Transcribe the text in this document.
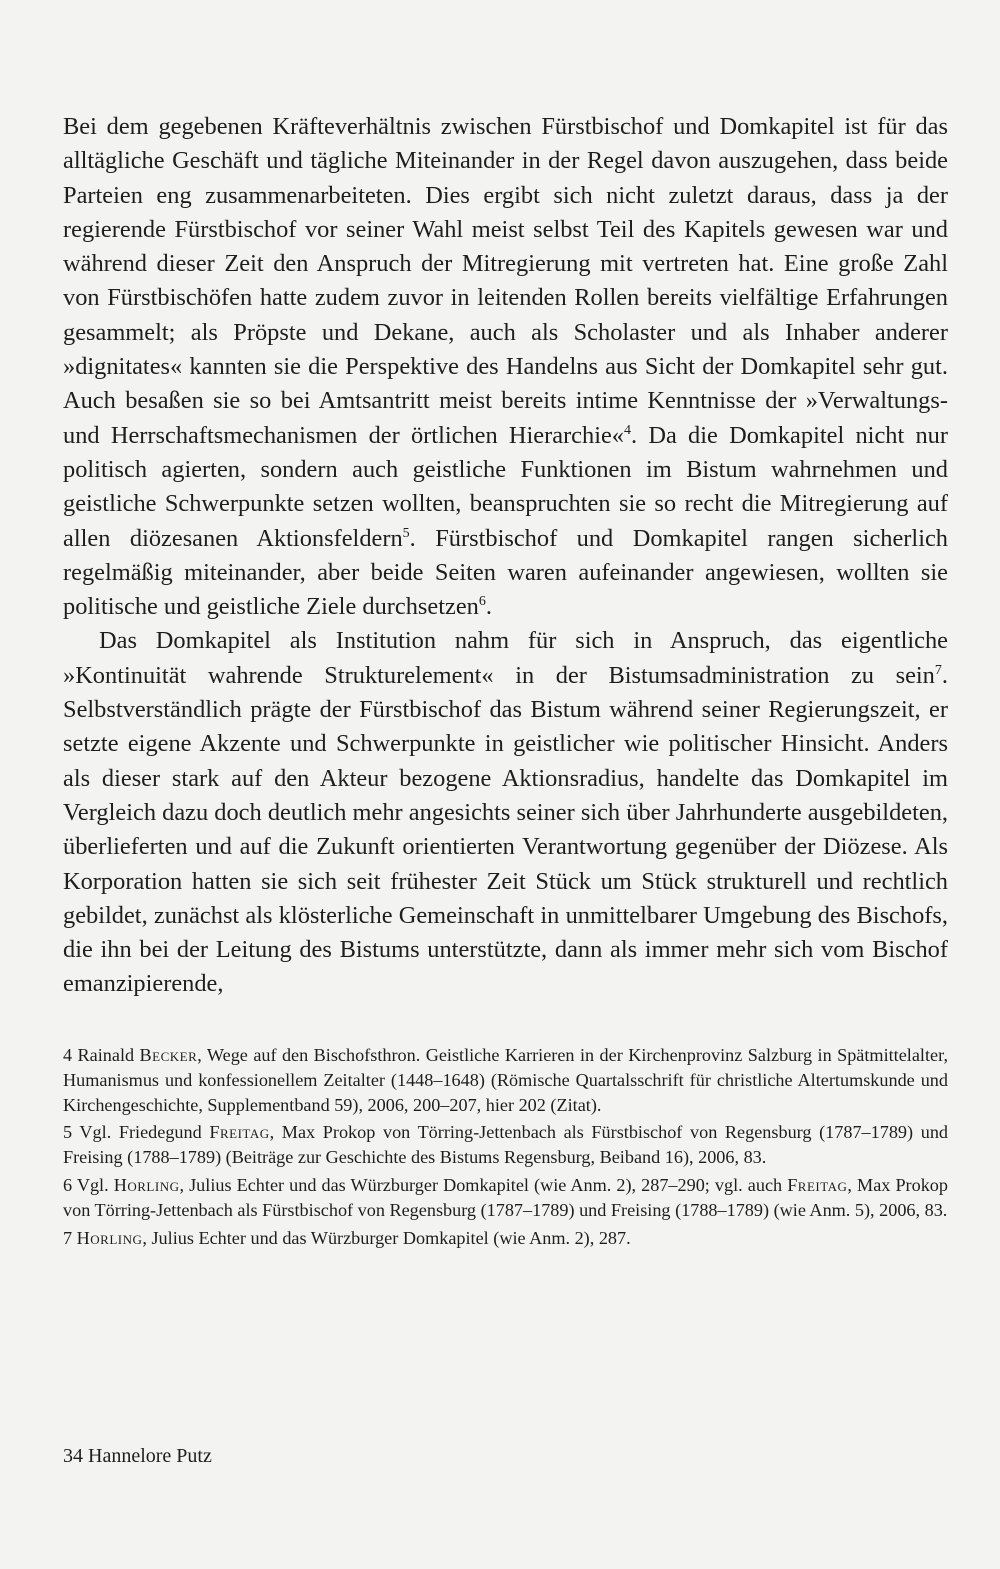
Bei dem gegebenen Kräfteverhältnis zwischen Fürstbischof und Domkapitel ist für das alltägliche Geschäft und tägliche Miteinander in der Regel davon auszugehen, dass beide Parteien eng zusammenarbeiteten. Dies ergibt sich nicht zuletzt daraus, dass ja der regierende Fürstbischof vor seiner Wahl meist selbst Teil des Kapitels gewesen war und während dieser Zeit den Anspruch der Mitregierung mit vertreten hat. Eine große Zahl von Fürstbischöfen hatte zudem zuvor in leitenden Rollen bereits vielfältige Erfahrungen gesammelt; als Pröpste und Dekane, auch als Scholaster und als Inhaber anderer »dignitates« kannten sie die Perspektive des Handelns aus Sicht der Domkapitel sehr gut. Auch besaßen sie so bei Amtsantritt meist bereits intime Kenntnisse der »Verwaltungs- und Herrschaftsmechanismen der örtlichen Hierarchie«$^4$. Da die Domkapitel nicht nur politisch agierten, sondern auch geistliche Funktionen im Bistum wahrnehmen und geistliche Schwerpunkte setzen wollten, beanspruchten sie so recht die Mitregierung auf allen diözesanen Aktionsfeldern$^5$. Fürstbischof und Domkapitel rangen sicherlich regelmäßig miteinander, aber beide Seiten waren aufeinander angewiesen, wollten sie politische und geistliche Ziele durchsetzen$^6$.

Das Domkapitel als Institution nahm für sich in Anspruch, das eigentliche »Kontinuität wahrende Strukturelement« in der Bistumsadministration zu sein$^7$. Selbstverständlich prägte der Fürstbischof das Bistum während seiner Regierungszeit, er setzte eigene Akzente und Schwerpunkte in geistlicher wie politischer Hinsicht. Anders als dieser stark auf den Akteur bezogene Aktionsradius, handelte das Domkapitel im Vergleich dazu doch deutlich mehr angesichts seiner sich über Jahrhunderte ausgebildeten, überlieferten und auf die Zukunft orientierten Verantwortung gegenüber der Diözese. Als Korporation hatten sie sich seit frühester Zeit Stück um Stück strukturell und rechtlich gebildet, zunächst als klösterliche Gemeinschaft in unmittelbarer Umgebung des Bischofs, die ihn bei der Leitung des Bistums unterstützte, dann als immer mehr sich vom Bischof emanzipierende,

4 Rainald Becker, Wege auf den Bischofsthron. Geistliche Karrieren in der Kirchenprovinz Salzburg in Spätmittelalter, Humanismus und konfessionellem Zeitalter (1448–1648) (Römische Quartalsschrift für christliche Altertumskunde und Kirchengeschichte, Supplementband 59), 2006, 200–207, hier 202 (Zitat).
5 Vgl. Friedegund Freitag, Max Prokop von Törring-Jettenbach als Fürstbischof von Regensburg (1787–1789) und Freising (1788–1789) (Beiträge zur Geschichte des Bistums Regensburg, Beiband 16), 2006, 83.
6 Vgl. Horling, Julius Echter und das Würzburger Domkapitel (wie Anm. 2), 287–290; vgl. auch Freitag, Max Prokop von Törring-Jettenbach als Fürstbischof von Regensburg (1787–1789) und Freising (1788–1789) (wie Anm. 5), 2006, 83.
7 Horling, Julius Echter und das Würzburger Domkapitel (wie Anm. 2), 287.
34 Hannelore Putz
